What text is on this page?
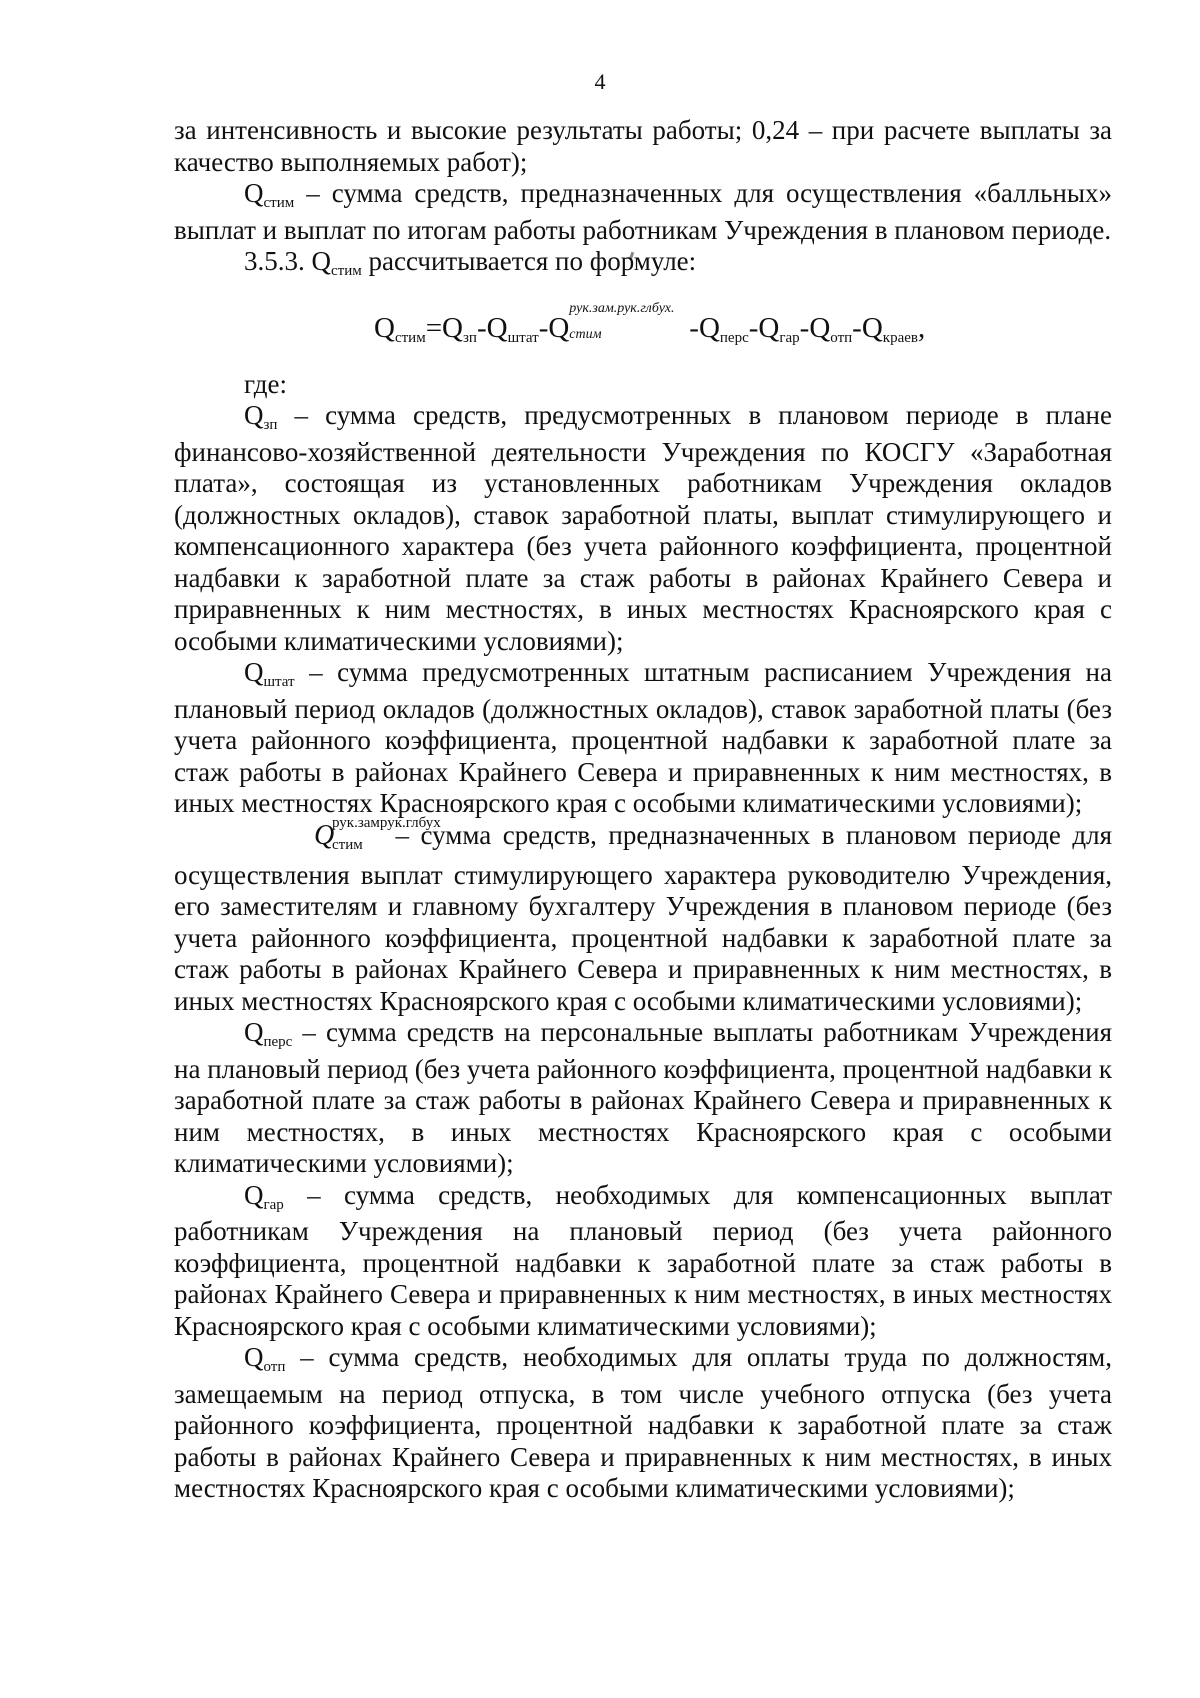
4

за интенсивность и высокие результаты работы; 0,24 – при расчете выплаты за качество выполняемых работ);

Qстим – сумма средств, предназначенных для осуществления «балльных» выплат и выплат по итогам работы работникам Учреждения в плановом периоде.

3.5.3. Qстим рассчитывается по формуле:

Qстим=Qзп-Qштат-Q
рук.зам.рук.глбух.
стим	-Qперс-Qгар-Qотп-Qкраев,

где:

Qзп – сумма средств, предусмотренных в плановом периоде в плане финансово-хозяйственной деятельности Учреждения по КОСГУ «Заработная плата», состоящая из установленных работникам Учреждения окладов (должностных окладов), ставок заработной платы, выплат стимулирующего и компенсационного характера (без учета районного коэффициента, процентной надбавки к заработной плате за стаж работы в районах Крайнего Севера и приравненных к ним местностях, в иных местностях Красноярского края с особыми климатическими условиями);

Qштат – сумма предусмотренных штатным расписанием Учреждения на плановый период окладов (должностных окладов), ставок заработной платы (без учета районного коэффициента, процентной надбавки к заработной плате за стаж работы в районах Крайнего Севера и приравненных к ним местностях, в иных местностях Красноярского края с особыми климатическими условиями);

Q
рук.замрук.глбух
стим – сумма средств, предназначенных в плановом периоде для осуществления выплат стимулирующего характера руководителю Учреждения, его заместителям и главному бухгалтеру Учреждения в плановом периоде (без учета районного коэффициента, процентной надбавки к заработной плате за стаж работы в районах Крайнего Севера и приравненных к ним местностях, в иных местностях Красноярского края с особыми климатическими условиями);

Qперс – сумма средств на персональные выплаты работникам Учреждения на плановый период (без учета районного коэффициента, процентной надбавки к заработной плате за стаж работы в районах Крайнего Севера и приравненных к ним местностях, в иных местностях Красноярского края с особыми климатическими условиями);

Qгар – сумма средств, необходимых для компенсационных выплат работникам Учреждения на плановый период (без учета районного коэффициента, процентной надбавки к заработной плате за стаж работы в районах Крайнего Севера и приравненных к ним местностях, в иных местностях Красноярского края с особыми климатическими условиями);

Qотп – сумма средств, необходимых для оплаты труда по должностям, замещаемым на период отпуска, в том числе учебного отпуска (без учета районного коэффициента, процентной надбавки к заработной плате за стаж работы в районах Крайнего Севера и приравненных к ним местностях, в иных местностях Красноярского края с особыми климатическими условиями);
